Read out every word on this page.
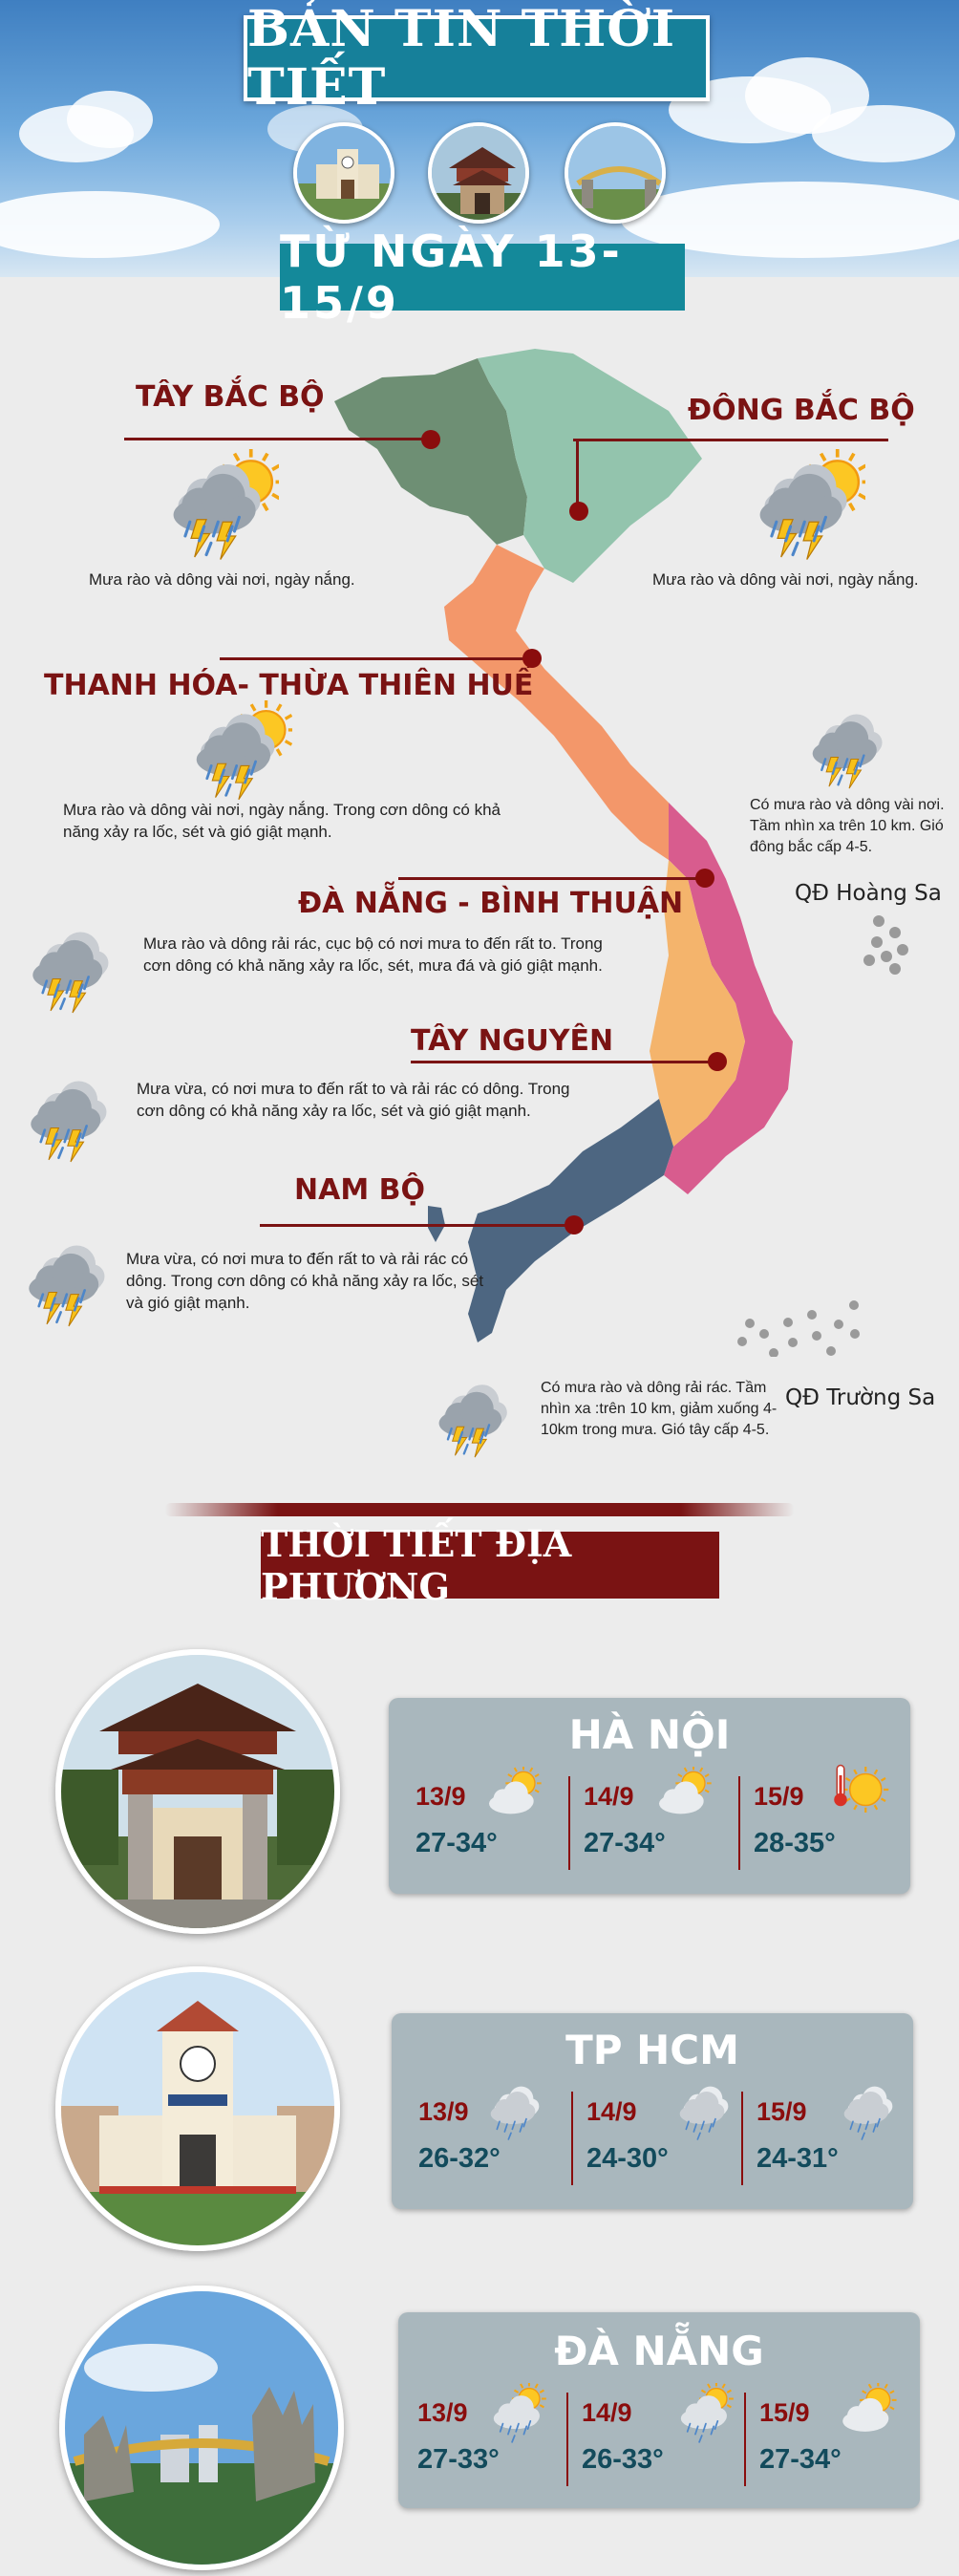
BẢN TIN THỜI TIẾT
TỪ NGÀY 13-15/9
TÂY BẮC BỘ
Mưa rào và dông vài nơi, ngày nắng.
ĐÔNG BẮC BỘ
Mưa rào và dông vài nơi, ngày nắng.
THANH HÓA- THỪA THIÊN HUẾ
Mưa rào và dông vài nơi, ngày nắng. Trong cơn dông có khả năng xảy ra lốc, sét và gió giật mạnh.
Có mưa rào và dông vài nơi. Tầm nhìn xa trên 10 km. Gió đông bắc cấp 4-5.
QĐ Hoàng Sa
ĐÀ NẴNG - BÌNH THUẬN
Mưa rào và dông rải rác, cục bộ có nơi mưa to đến rất to. Trong cơn dông có khả năng xảy ra lốc, sét, mưa đá và gió giật mạnh.
TÂY NGUYÊN
Mưa vừa, có nơi mưa to đến rất to và rải rác có dông. Trong cơn dông có khả năng xảy ra lốc, sét và gió giật mạnh.
NAM BỘ
Mưa vừa, có nơi mưa to đến rất to và rải rác có dông. Trong cơn dông có khả năng xảy ra lốc, sét và gió giật mạnh.
QĐ Trường Sa
Có mưa rào và dông rải rác. Tầm nhìn xa :trên 10 km, giảm xuống 4-10km trong mưa. Gió tây cấp 4-5.
THỜI TIẾT ĐỊA PHƯƠNG
HÀ NỘI
13/9
27-34°
14/9
27-34°
15/9
28-35°
TP HCM
13/9
26-32°
14/9
24-30°
15/9
24-31°
ĐÀ NẴNG
13/9
27-33°
14/9
26-33°
15/9
27-34°
